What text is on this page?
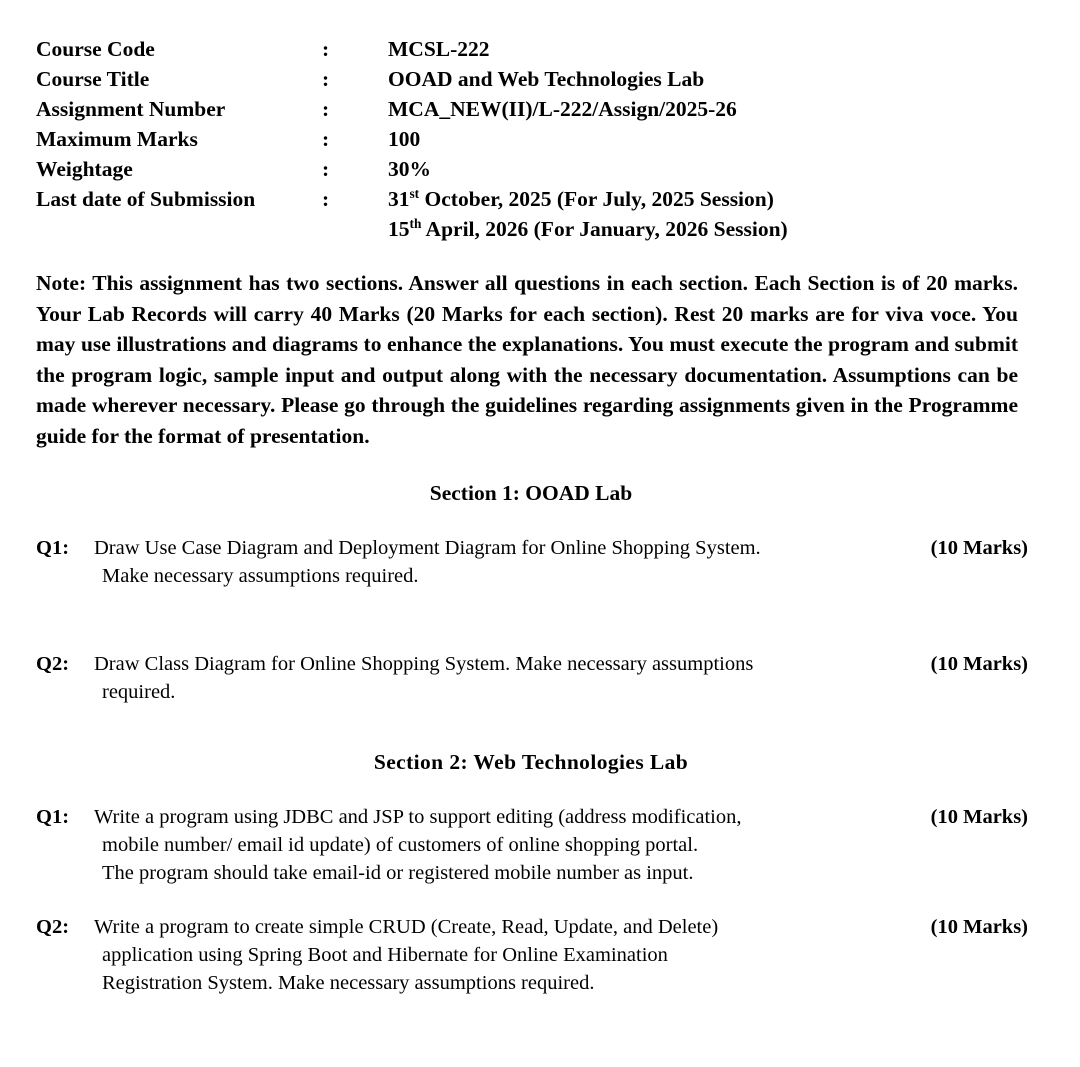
Course Code	:	MCSL-222
Course Title	:	OOAD and Web Technologies Lab
Assignment Number	:	MCA_NEW(II)/L-222/Assign/2025-26
Maximum Marks	:	100
Weightage	:	30%
Last date of Submission	:	31st October, 2025 (For July, 2025 Session)
		15th April, 2026 (For January, 2026 Session)

Note: This assignment has two sections. Answer all questions in each section. Each Section is of 20 marks. Your Lab Records will carry 40 Marks (20 Marks for each section). Rest 20 marks are for viva voce. You may use illustrations and diagrams to enhance the explanations. You must execute the program and submit the program logic, sample input and output along with the necessary documentation. Assumptions can be made wherever necessary. Please go through the guidelines regarding assignments given in the Programme guide for the format of presentation.

Section 1: OOAD Lab
Q1:	Draw Use Case Diagram and Deployment Diagram for Online Shopping System.
Make necessary assumptions required.
(10 Marks)
Q2:	Draw Class Diagram for Online Shopping System. Make necessary assumptions
required.
(10 Marks)
Section 2: Web Technologies Lab
Q1:	Write a program using JDBC and JSP to support editing (address modification,
mobile number/ email id update) of customers of online shopping portal.
The program should take email-id or registered mobile number as input.
(10 Marks)
Q2:	Write a program to create simple CRUD (Create, Read, Update, and Delete)
application using Spring Boot and Hibernate for Online Examination
Registration System. Make necessary assumptions required.
(10 Marks)
